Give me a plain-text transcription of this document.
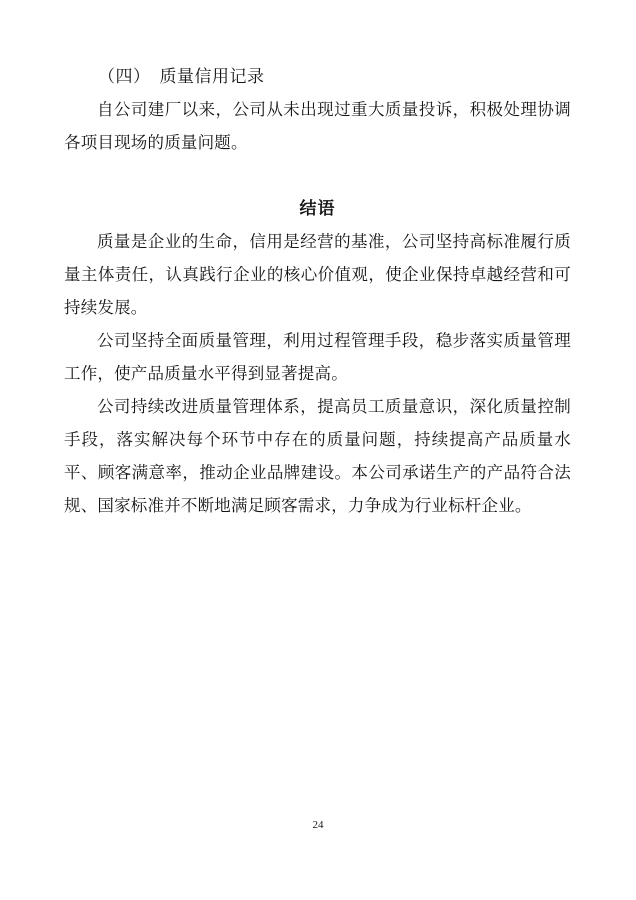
（四）　质量信用记录

自公司建厂以来，公司从未出现过重大质量投诉，积极处理协调各项目现场的质量问题。

结语

质量是企业的生命，信用是经营的基准，公司坚持高标准履行质量主体责任，认真践行企业的核心价值观，使企业保持卓越经营和可持续发展。

公司坚持全面质量管理，利用过程管理手段，稳步落实质量管理工作，使产品质量水平得到显著提高。

公司持续改进质量管理体系，提高员工质量意识，深化质量控制手段，落实解决每个环节中存在的质量问题，持续提高产品质量水平、顾客满意率，推动企业品牌建设。本公司承诺生产的产品符合法规、国家标准并不断地满足顾客需求，力争成为行业标杆企业。

24
